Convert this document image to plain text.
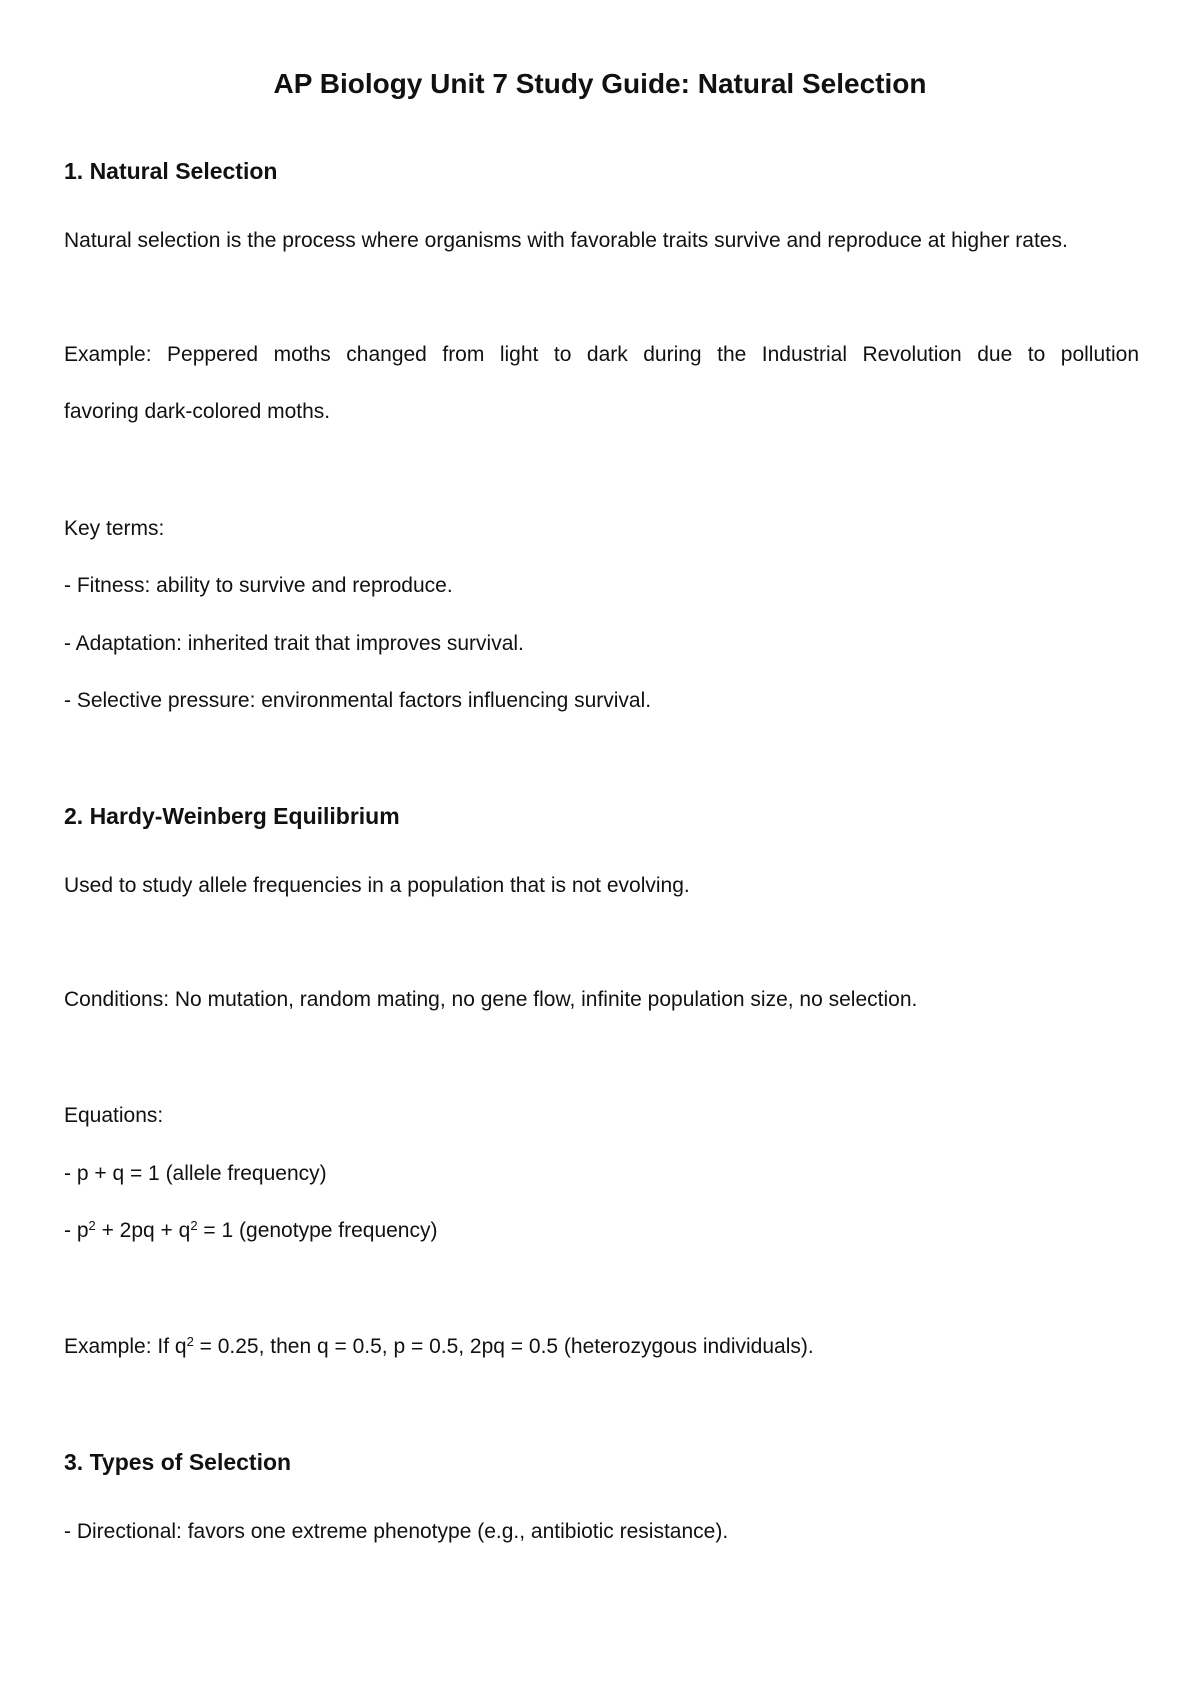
AP Biology Unit 7 Study Guide: Natural Selection
1. Natural Selection

Natural selection is the process where organisms with favorable traits survive and reproduce at higher rates.

Example: Peppered moths changed from light to dark during the Industrial Revolution due to pollution

favoring dark-colored moths.

Key terms:

- Fitness: ability to survive and reproduce.

- Adaptation: inherited trait that improves survival.

- Selective pressure: environmental factors influencing survival.

2. Hardy-Weinberg Equilibrium

Used to study allele frequencies in a population that is not evolving.

Conditions: No mutation, random mating, no gene flow, infinite population size, no selection.

Equations:

- p + q = 1 (allele frequency)

- $p^2 + 2pq + q^2 = 1$ (genotype frequency)

Example: If $q^2 = 0.25$, then q = 0.5, p = 0.5, 2pq = 0.5 (heterozygous individuals).

3. Types of Selection

- Directional: favors one extreme phenotype (e.g., antibiotic resistance).
